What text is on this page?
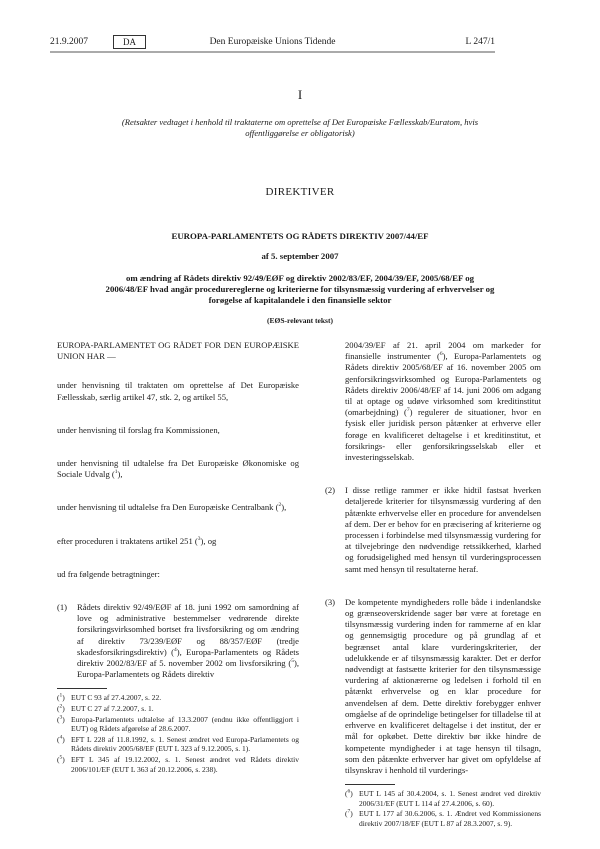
21.9.2007	DA	Den Europæiske Unions Tidende	L 247/1
I
(Retsakter vedtaget i henhold til traktaterne om oprettelse af Det Europæiske Fællesskab/Euratom, hvis offentliggørelse er obligatorisk)
DIREKTIVER
EUROPA-PARLAMENTETS OG RÅDETS DIREKTIV 2007/44/EF
af 5. september 2007
om ændring af Rådets direktiv 92/49/EØF og direktiv 2002/83/EF, 2004/39/EF, 2005/68/EF og
2006/48/EF hvad angår procedurereglerne og kriterierne for tilsynsmæssig vurdering af erhvervelser og forøgelse af kapitalandele i den finansielle sektor
(EØS-relevant tekst)

EUROPA-PARLAMENTET OG RÅDET FOR DEN EUROPÆISKE UNION HAR —

under henvisning til traktaten om oprettelse af Det Europæiske Fællesskab, særlig artikel 47, stk. 2, og artikel 55,

under henvisning til forslag fra Kommissionen,

under henvisning til udtalelse fra Det Europæiske Økonomiske og Sociale Udvalg ($^1$),

under henvisning til udtalelse fra Den Europæiske Centralbank ($^2$),

efter proceduren i traktatens artikel 251 ($^3$), og

ud fra følgende betragtninger:

(1) Rådets direktiv 92/49/EØF af 18. juni 1992 om samordning af love og administrative bestemmelser vedrørende direkte forsikringsvirksomhed bortset fra livsforsikring og om ændring af direktiv 73/239/EØF og 88/357/EØF (tredje skadesforsikringsdirektiv) ($^4$), Europa-Parlamentets og Rådets direktiv 2002/83/EF af 5. november 2002 om livsforsikring ($^5$), Europa-Parlamentets og Rådets direktiv

($^1$) EUT C 93 af 27.4.2007, s. 22.
($^2$) EUT C 27 af 7.2.2007, s. 1.
($^3$) Europa-Parlamentets udtalelse af 13.3.2007 (endnu ikke offentliggjort i EUT) og Rådets afgørelse af 28.6.2007.
($^4$) EFT L 228 af 11.8.1992, s. 1. Senest ændret ved Europa-Parlamentets og Rådets direktiv 2005/68/EF (EUT L 323 af 9.12.2005, s. 1).
($^5$) EFT L 345 af 19.12.2002, s. 1. Senest ændret ved Rådets direktiv 2006/101/EF (EUT L 363 af 20.12.2006, s. 238).

2004/39/EF af 21. april 2004 om markeder for finansielle instrumenter ($^6$), Europa-Parlamentets og Rådets direktiv 2005/68/EF af 16. november 2005 om genforsikringsvirksomhed og Europa-Parlamentets og Rådets direktiv 2006/48/EF af 14. juni 2006 om adgang til at optage og udøve virksomhed som kreditinstitut (omarbejdning) ($^7$) regulerer de situationer, hvor en fysisk eller juridisk person påtænker at erhverve eller forøge en kvalificeret deltagelse i et kreditinstitut, et forsikrings- eller genforsikringsselskab eller et investeringsselskab.

(2) I disse retlige rammer er ikke hidtil fastsat hverken detaljerede kriterier for tilsynsmæssig vurdering af den påtænkte erhvervelse eller en procedure for anvendelsen af dem. Der er behov for en præcisering af kriterierne og processen i forbindelse med tilsynsmæssig vurdering for at tilvejebringe den nødvendige retssikkerhed, klarhed og forudsigelighed med hensyn til vurderingsprocessen samt med hensyn til resultaterne heraf.

(3) De kompetente myndigheders rolle både i indenlandske og grænseoverskridende sager bør være at foretage en tilsynsmæssig vurdering inden for rammerne af en klar og gennemsigtig procedure og på grundlag af et begrænset antal klare vurderingskriterier, der udelukkende er af tilsynsmæssig karakter. Det er derfor nødvendigt at fastsætte kriterier for den tilsynsmæssige vurdering af aktionærerne og ledelsen i forhold til en påtænkt erhvervelse og en klar procedure for anvendelsen af dem. Dette direktiv forebygger enhver omgåelse af de oprindelige betingelser for tilladelse til at erhverve en kvalificeret deltagelse i det institut, der er mål for opkøbet. Dette direktiv bør ikke hindre de kompetente myndigheder i at tage hensyn til tilsagn, som den påtænkte erhverver har givet om opfyldelse af tilsynskrav i henhold til vurderings-

($^6$) EUT L 145 af 30.4.2004, s. 1. Senest ændret ved direktiv 2006/31/EF (EUT L 114 af 27.4.2006, s. 60).
($^7$) EUT L 177 af 30.6.2006, s. 1. Ændret ved Kommissionens direktiv 2007/18/EF (EUT L 87 af 28.3.2007, s. 9).
